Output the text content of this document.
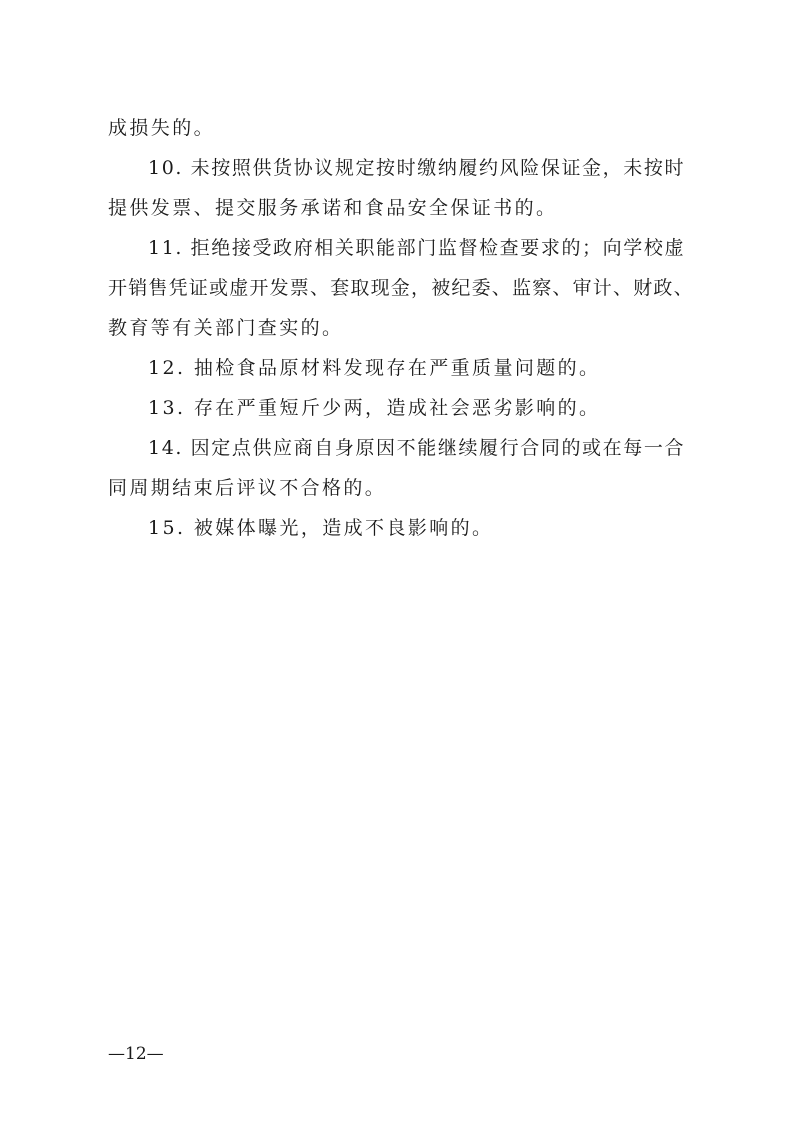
成损失的。
10. 未按照供货协议规定按时缴纳履约风险保证金，未按时
提供发票、提交服务承诺和食品安全保证书的。
11. 拒绝接受政府相关职能部门监督检查要求的；向学校虚
开销售凭证或虚开发票、套取现金，被纪委、监察、审计、财政、
教育等有关部门查实的。
12. 抽检食品原材料发现存在严重质量问题的。
13. 存在严重短斤少两，造成社会恶劣影响的。
14. 因定点供应商自身原因不能继续履行合同的或在每一合
同周期结束后评议不合格的。
15. 被媒体曝光，造成不良影响的。
—12—
